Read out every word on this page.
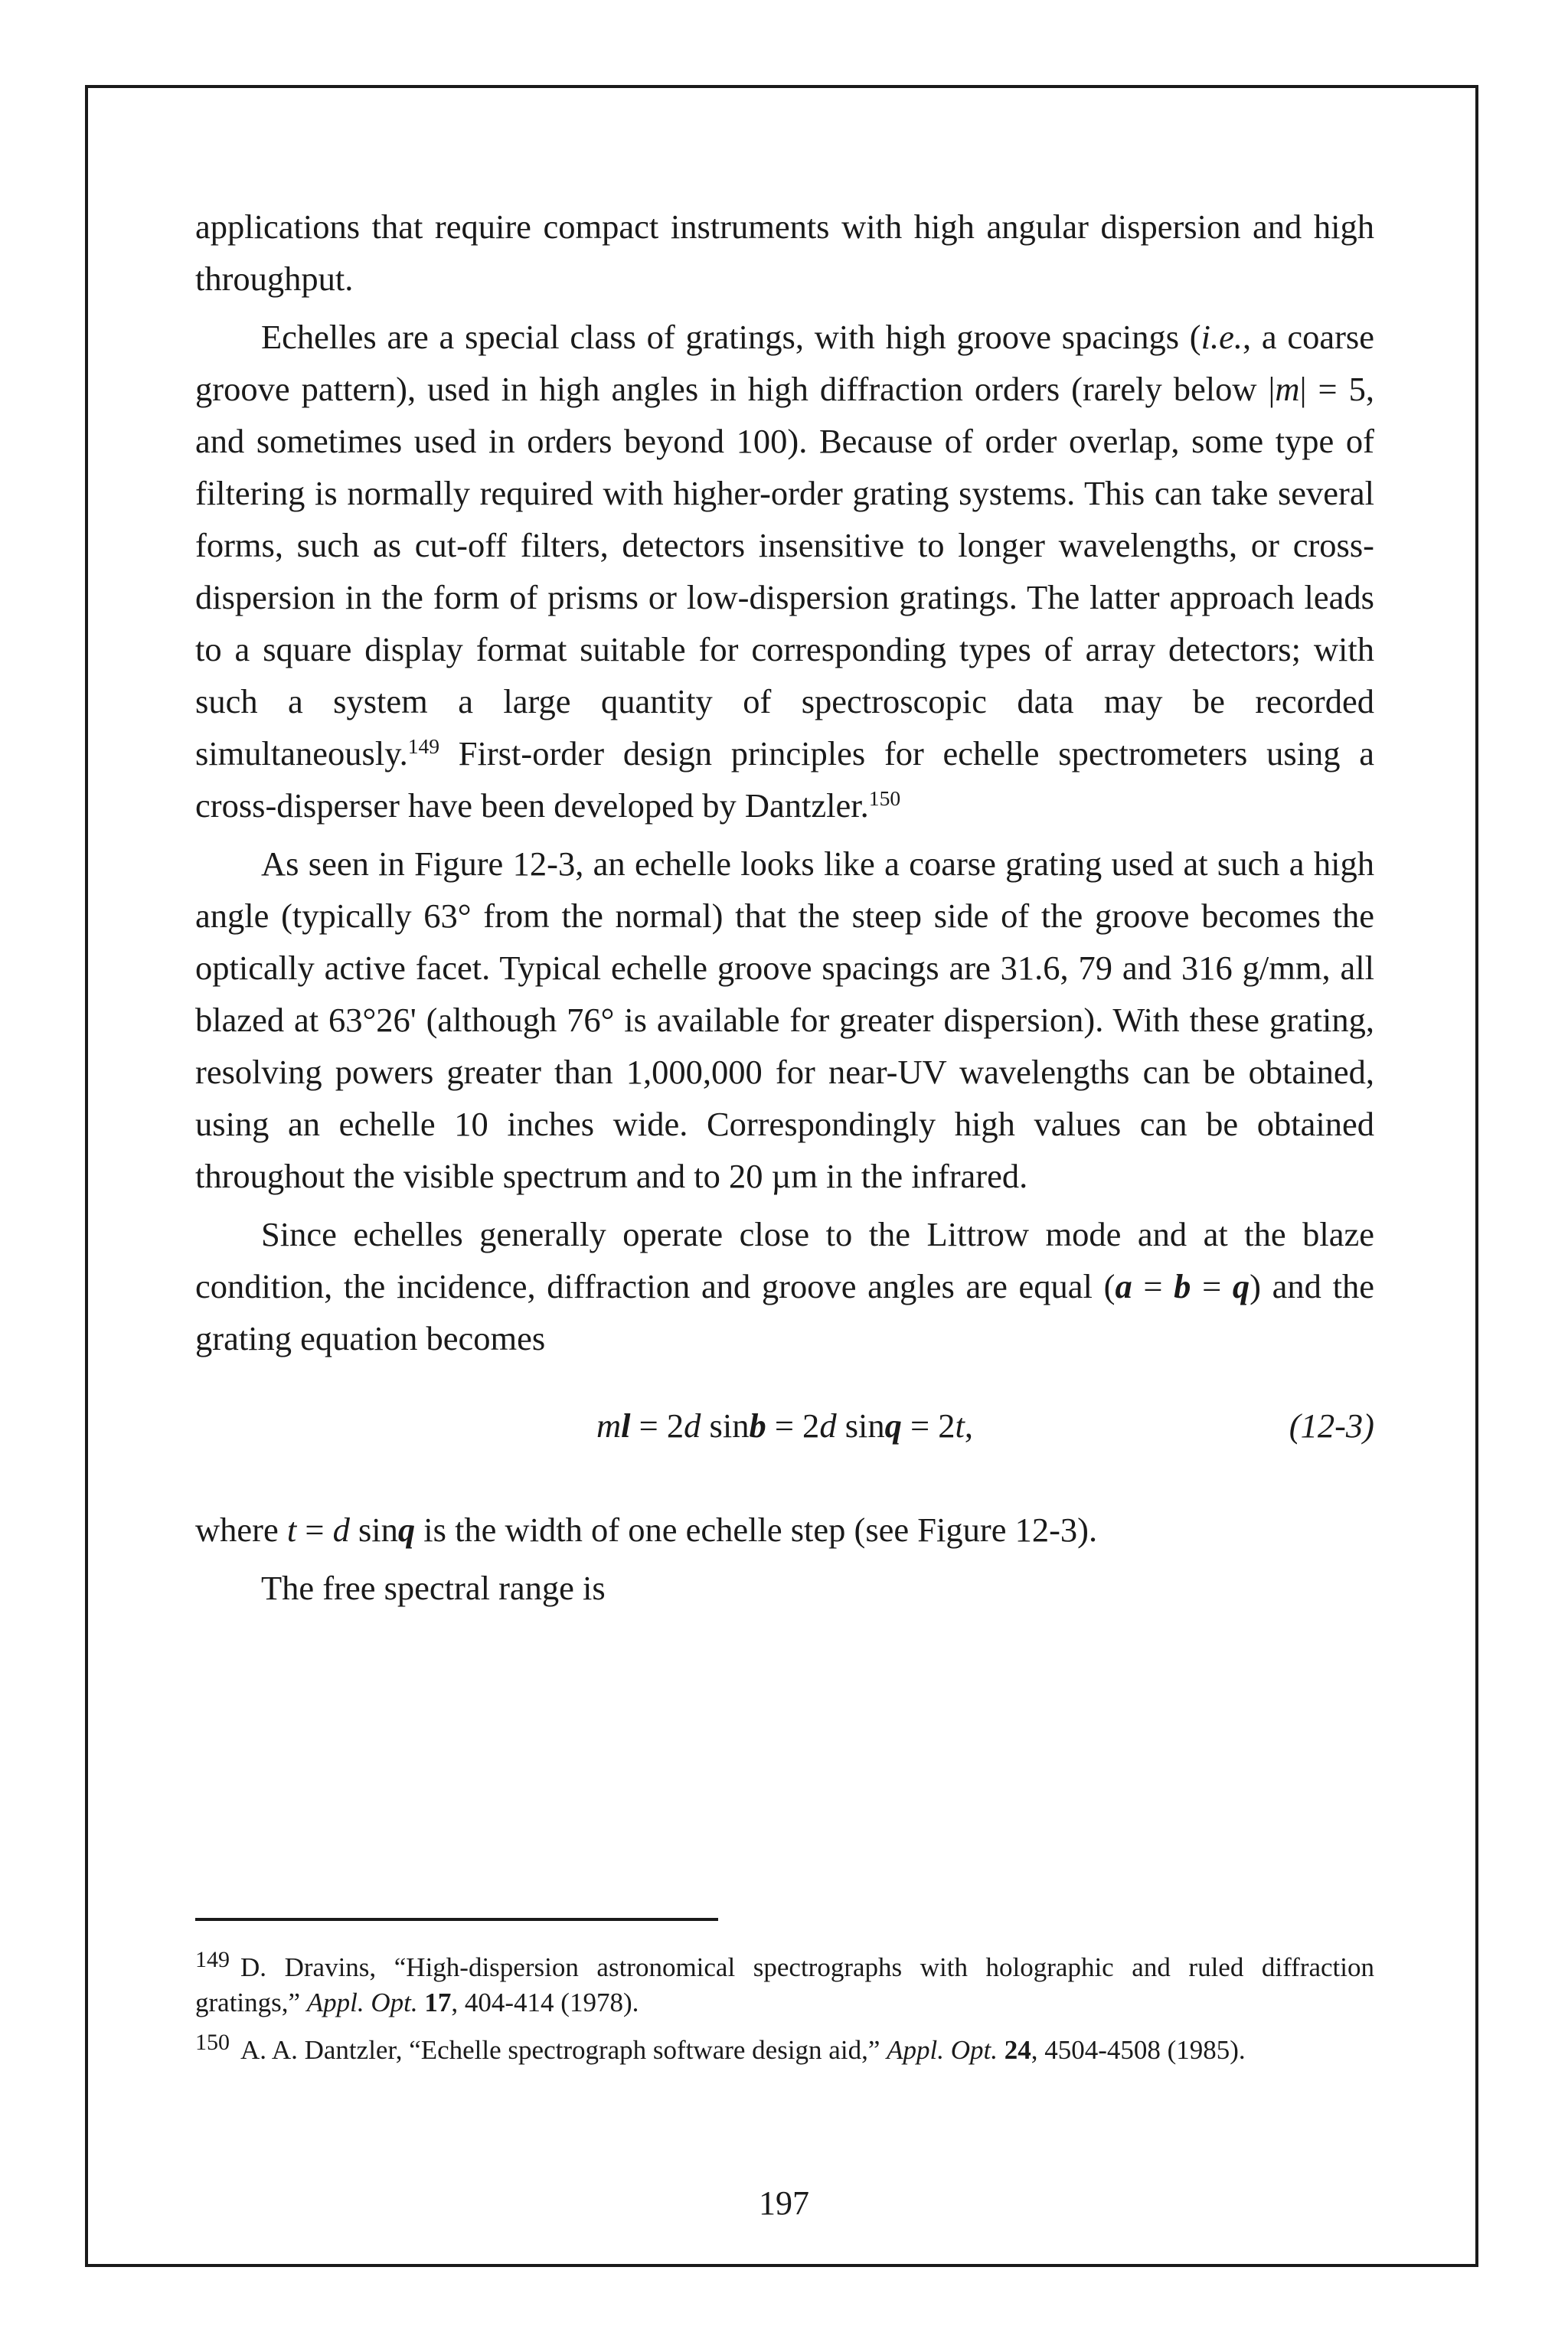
applications that require compact instruments with high angular dispersion and high throughput.

Echelles are a special class of gratings, with high groove spacings (i.e., a coarse groove pattern), used in high angles in high diffraction orders (rarely below |m| = 5, and sometimes used in orders beyond 100). Because of order overlap, some type of filtering is normally required with higher-order grating systems. This can take several forms, such as cut-off filters, detectors insensitive to longer wavelengths, or cross-dispersion in the form of prisms or low-dispersion gratings. The latter approach leads to a square display format suitable for corresponding types of array detectors; with such a system a large quantity of spectroscopic data may be recorded simultaneously.$^{149}$ First-order design principles for echelle spectrometers using a cross-disperser have been developed by Dantzler.$^{150}$

As seen in Figure 12-3, an echelle looks like a coarse grating used at such a high angle (typically 63° from the normal) that the steep side of the groove becomes the optically active facet. Typical echelle groove spacings are 31.6, 79 and 316 g/mm, all blazed at 63°26' (although 76° is available for greater dispersion). With these grating, resolving powers greater than 1,000,000 for near-UV wavelengths can be obtained, using an echelle 10 inches wide. Correspondingly high values can be obtained throughout the visible spectrum and to 20 µm in the infrared.

Since echelles generally operate close to the Littrow mode and at the blaze condition, the incidence, diffraction and groove angles are equal (a = b = q) and the grating equation becomes

ml = 2d sinb = 2d sinq = 2t,	(12-3)

where t = d sinq is the width of one echelle step (see Figure 12-3).

The free spectral range is

149 D. Dravins, “High-dispersion astronomical spectrographs with holographic and ruled diffraction gratings,” Appl. Opt. 17, 404-414 (1978).

150 A. A. Dantzler, “Echelle spectrograph software design aid,” Appl. Opt. 24, 4504-4508 (1985).

197
